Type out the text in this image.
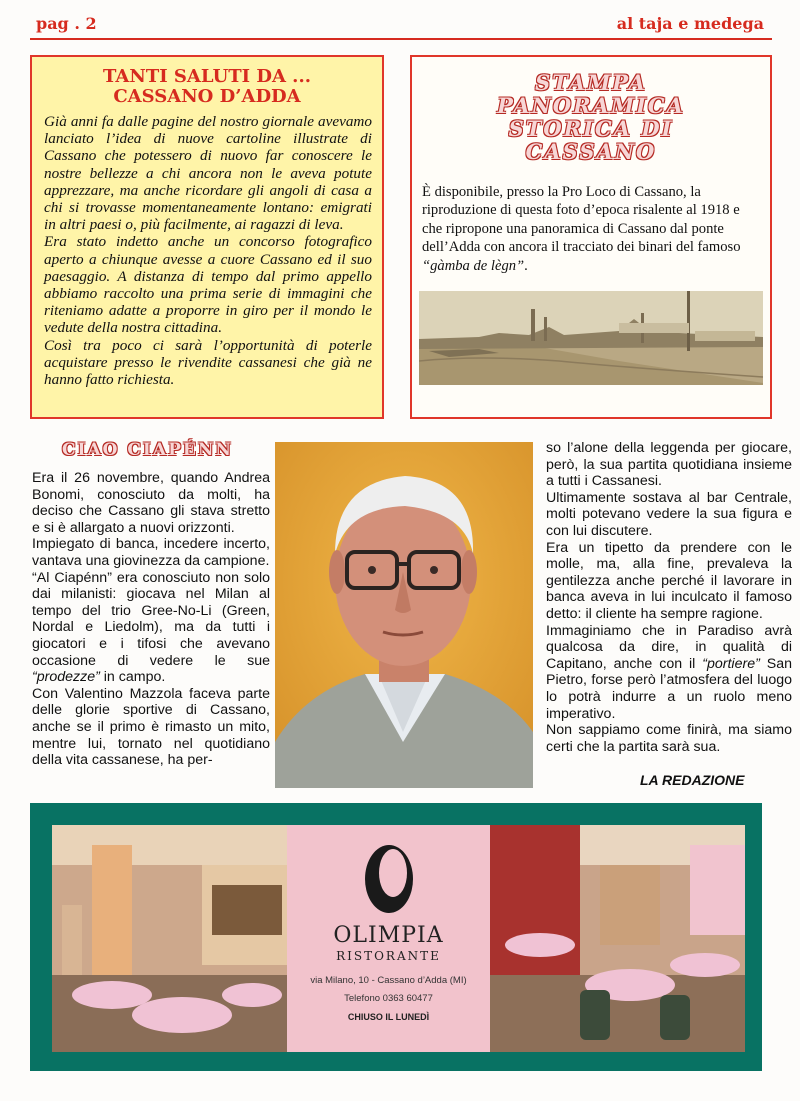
pag . 2	al taja e medega
TANTI SALUTI DA ...
CASSANO D’ADDA

Già anni fa dalle pagine del nostro giornale avevamo lanciato l’idea di nuove cartoline illustrate di Cassano che potessero di nuovo far conoscere le nostre bellezze a chi ancora non le aveva potute apprezzare, ma anche ricordare gli angoli di casa a chi si trovasse momentaneamente lontano: emigrati in altri paesi o, più facilmente, ai ragazzi di leva.

Era stato indetto anche un concorso fotografico aperto a chiunque avesse a cuore Cassano ed il suo paesaggio. A distanza di tempo dal primo appello abbiamo raccolto una prima serie di immagini che riteniamo adatte a proporre in giro per il mondo le vedute della nostra cittadina.

Così tra poco ci sarà l’opportunità di poterle acquistare presso le rivendite cassanesi che già ne hanno fatto richiesta.

STAMPA
PANORAMICA
STORICA DI
CASSANO
È disponibile, presso la Pro Loco di Cassano, la riproduzione di questa foto d’epoca risalente al 1918 e che ripropone una panoramica di Cassano dal ponte dell’Adda con ancora il tracciato dei binari del famoso “gàmba de lègn”.
CIAO CIAPÉNN

Era il 26 novembre, quando Andrea Bonomi, conosciuto da molti, ha deciso che Cassano gli stava stretto e si è allargato a nuovi orizzonti.

Impiegato di banca, incedere incerto, vantava una giovinezza da campione.

“Al Ciapénn” era conosciuto non solo dai milanisti: giocava nel Milan al tempo del trio Gree-No-Li (Green, Nordal e Liedolm), ma da tutti i giocatori e i tifosi che avevano occasione di vedere le sue “prodezze” in campo.

Con Valentino Mazzola faceva parte delle glorie sportive di Cassano, anche se il primo è rimasto un mito, mentre lui, tornato nel quotidiano della vita cassanese, ha per-

so l’alone della leggenda per giocare, però, la sua partita quotidiana insieme a tutti i Cassanesi.

Ultimamente sostava al bar Centrale, molti potevano vedere la sua figura e con lui discutere.

Era un tipetto da prendere con le molle, ma, alla fine, prevaleva la gentilezza anche perché il lavorare in banca aveva in lui inculcato il famoso detto: il cliente ha sempre ragione.

Immaginiamo che in Paradiso avrà qualcosa da dire, in qualità di Capitano, anche con il “portiere” San Pietro, forse però l’atmosfera del luogo lo potrà indurre a un ruolo meno imperativo.

Non sappiamo come finirà, ma siamo certi che la partita sarà sua.

LA REDAZIONE
OLIMPIA
RISTORANTE
via Milano, 10 - Cassano d’Adda (MI)
Telefono 0363 60477
CHIUSO IL LUNEDÌ
